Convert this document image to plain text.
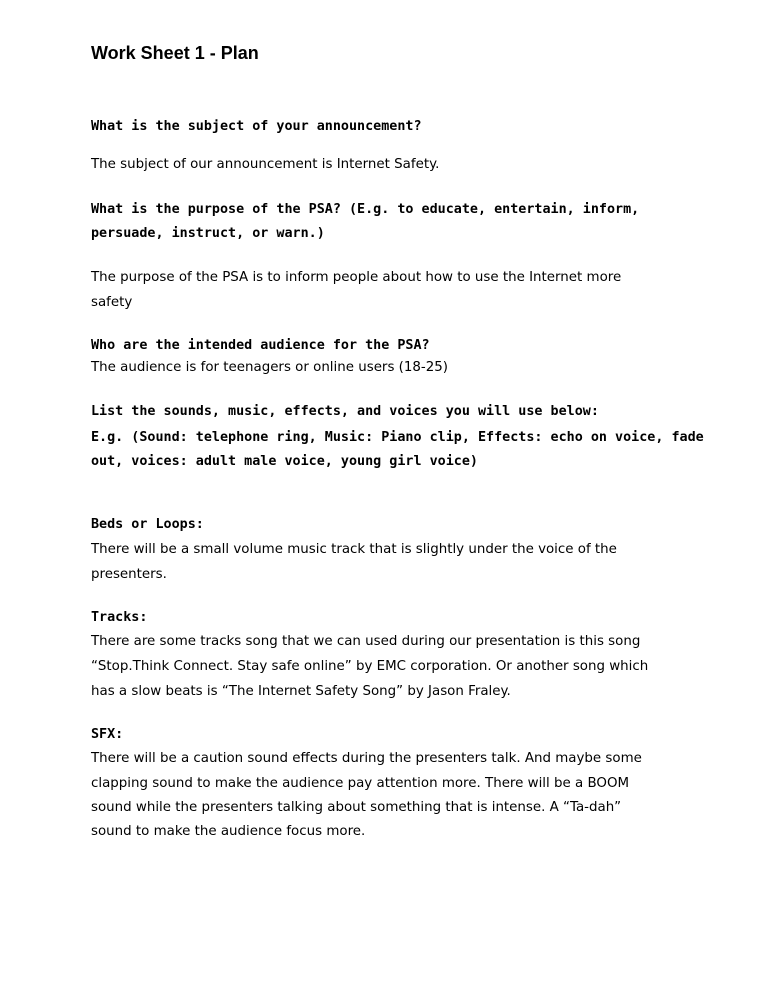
Work Sheet 1 - Plan

What is the subject of your announcement?

The subject of our announcement is Internet Safety.

What is the purpose of the PSA? (E.g. to educate, entertain, inform,

persuade, instruct, or warn.)

The purpose of the PSA is to inform people about how to use the Internet more

safety

Who are the intended audience for the PSA?

The audience is for teenagers or online users (18-25)

List the sounds, music, effects, and voices you will use below:

E.g. (Sound: telephone ring, Music: Piano clip, Effects: echo on voice, fade

out, voices: adult male voice, young girl voice)

Beds or Loops:

There will be a small volume music track that is slightly under the voice of the

presenters.

Tracks:

There are some tracks song that we can used during our presentation is this song

“Stop.Think Connect. Stay safe online” by EMC corporation. Or another song which

has a slow beats is “The Internet Safety Song” by Jason Fraley.

SFX:

There will be a caution sound effects during the presenters talk. And maybe some

clapping sound to make the audience pay attention more. There will be a BOOM

sound while the presenters talking about something that is intense. A “Ta-dah”

sound to make the audience focus more.
